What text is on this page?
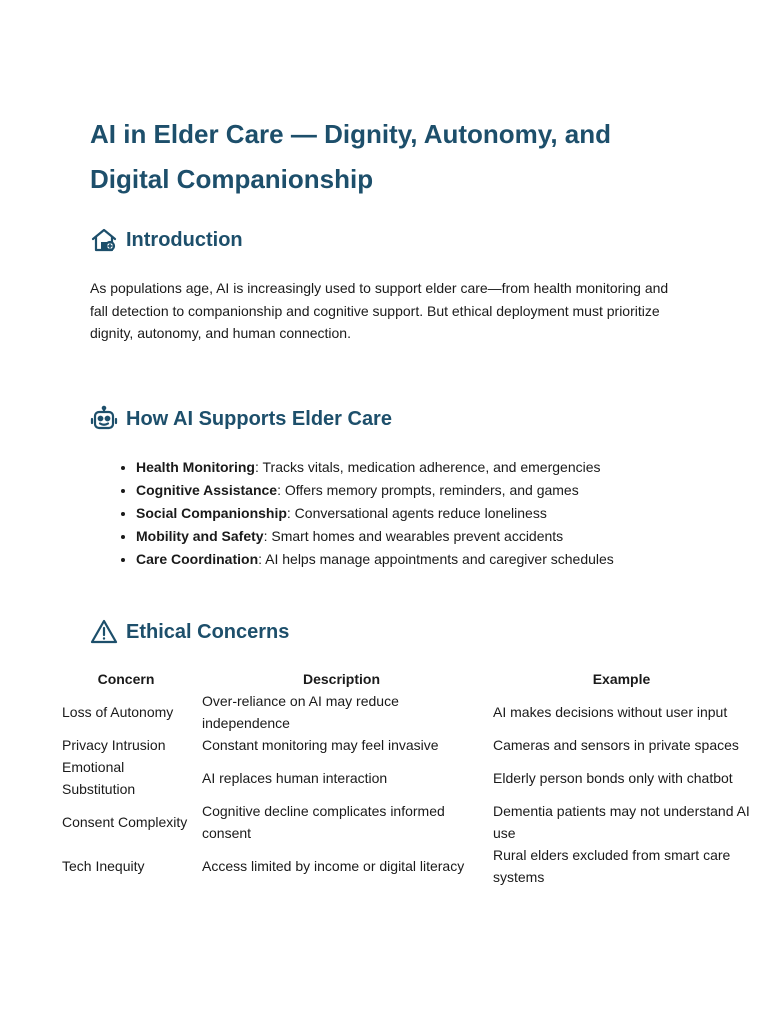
AI in Elder Care — Dignity, Autonomy, and Digital Companionship
Introduction

As populations age, AI is increasingly used to support elder care—from health monitoring and fall detection to companionship and cognitive support. But ethical deployment must prioritize dignity, autonomy, and human connection.

How AI Supports Elder Care
• Health Monitoring: Tracks vitals, medication adherence, and emergencies
• Cognitive Assistance: Offers memory prompts, reminders, and games
• Social Companionship: Conversational agents reduce loneliness
• Mobility and Safety: Smart homes and wearables prevent accidents
• Care Coordination: AI helps manage appointments and caregiver schedules
Ethical Concerns
Concern	Description	Example
Loss of Autonomy	Over-reliance on AI may reduce independence	AI makes decisions without user input
Privacy Intrusion	Constant monitoring may feel invasive	Cameras and sensors in private spaces
Emotional Substitution	AI replaces human interaction	Elderly person bonds only with chatbot
Consent Complexity	Cognitive decline complicates informed consent	Dementia patients may not understand AI use
Tech Inequity	Access limited by income or digital literacy	Rural elders excluded from smart care systems
